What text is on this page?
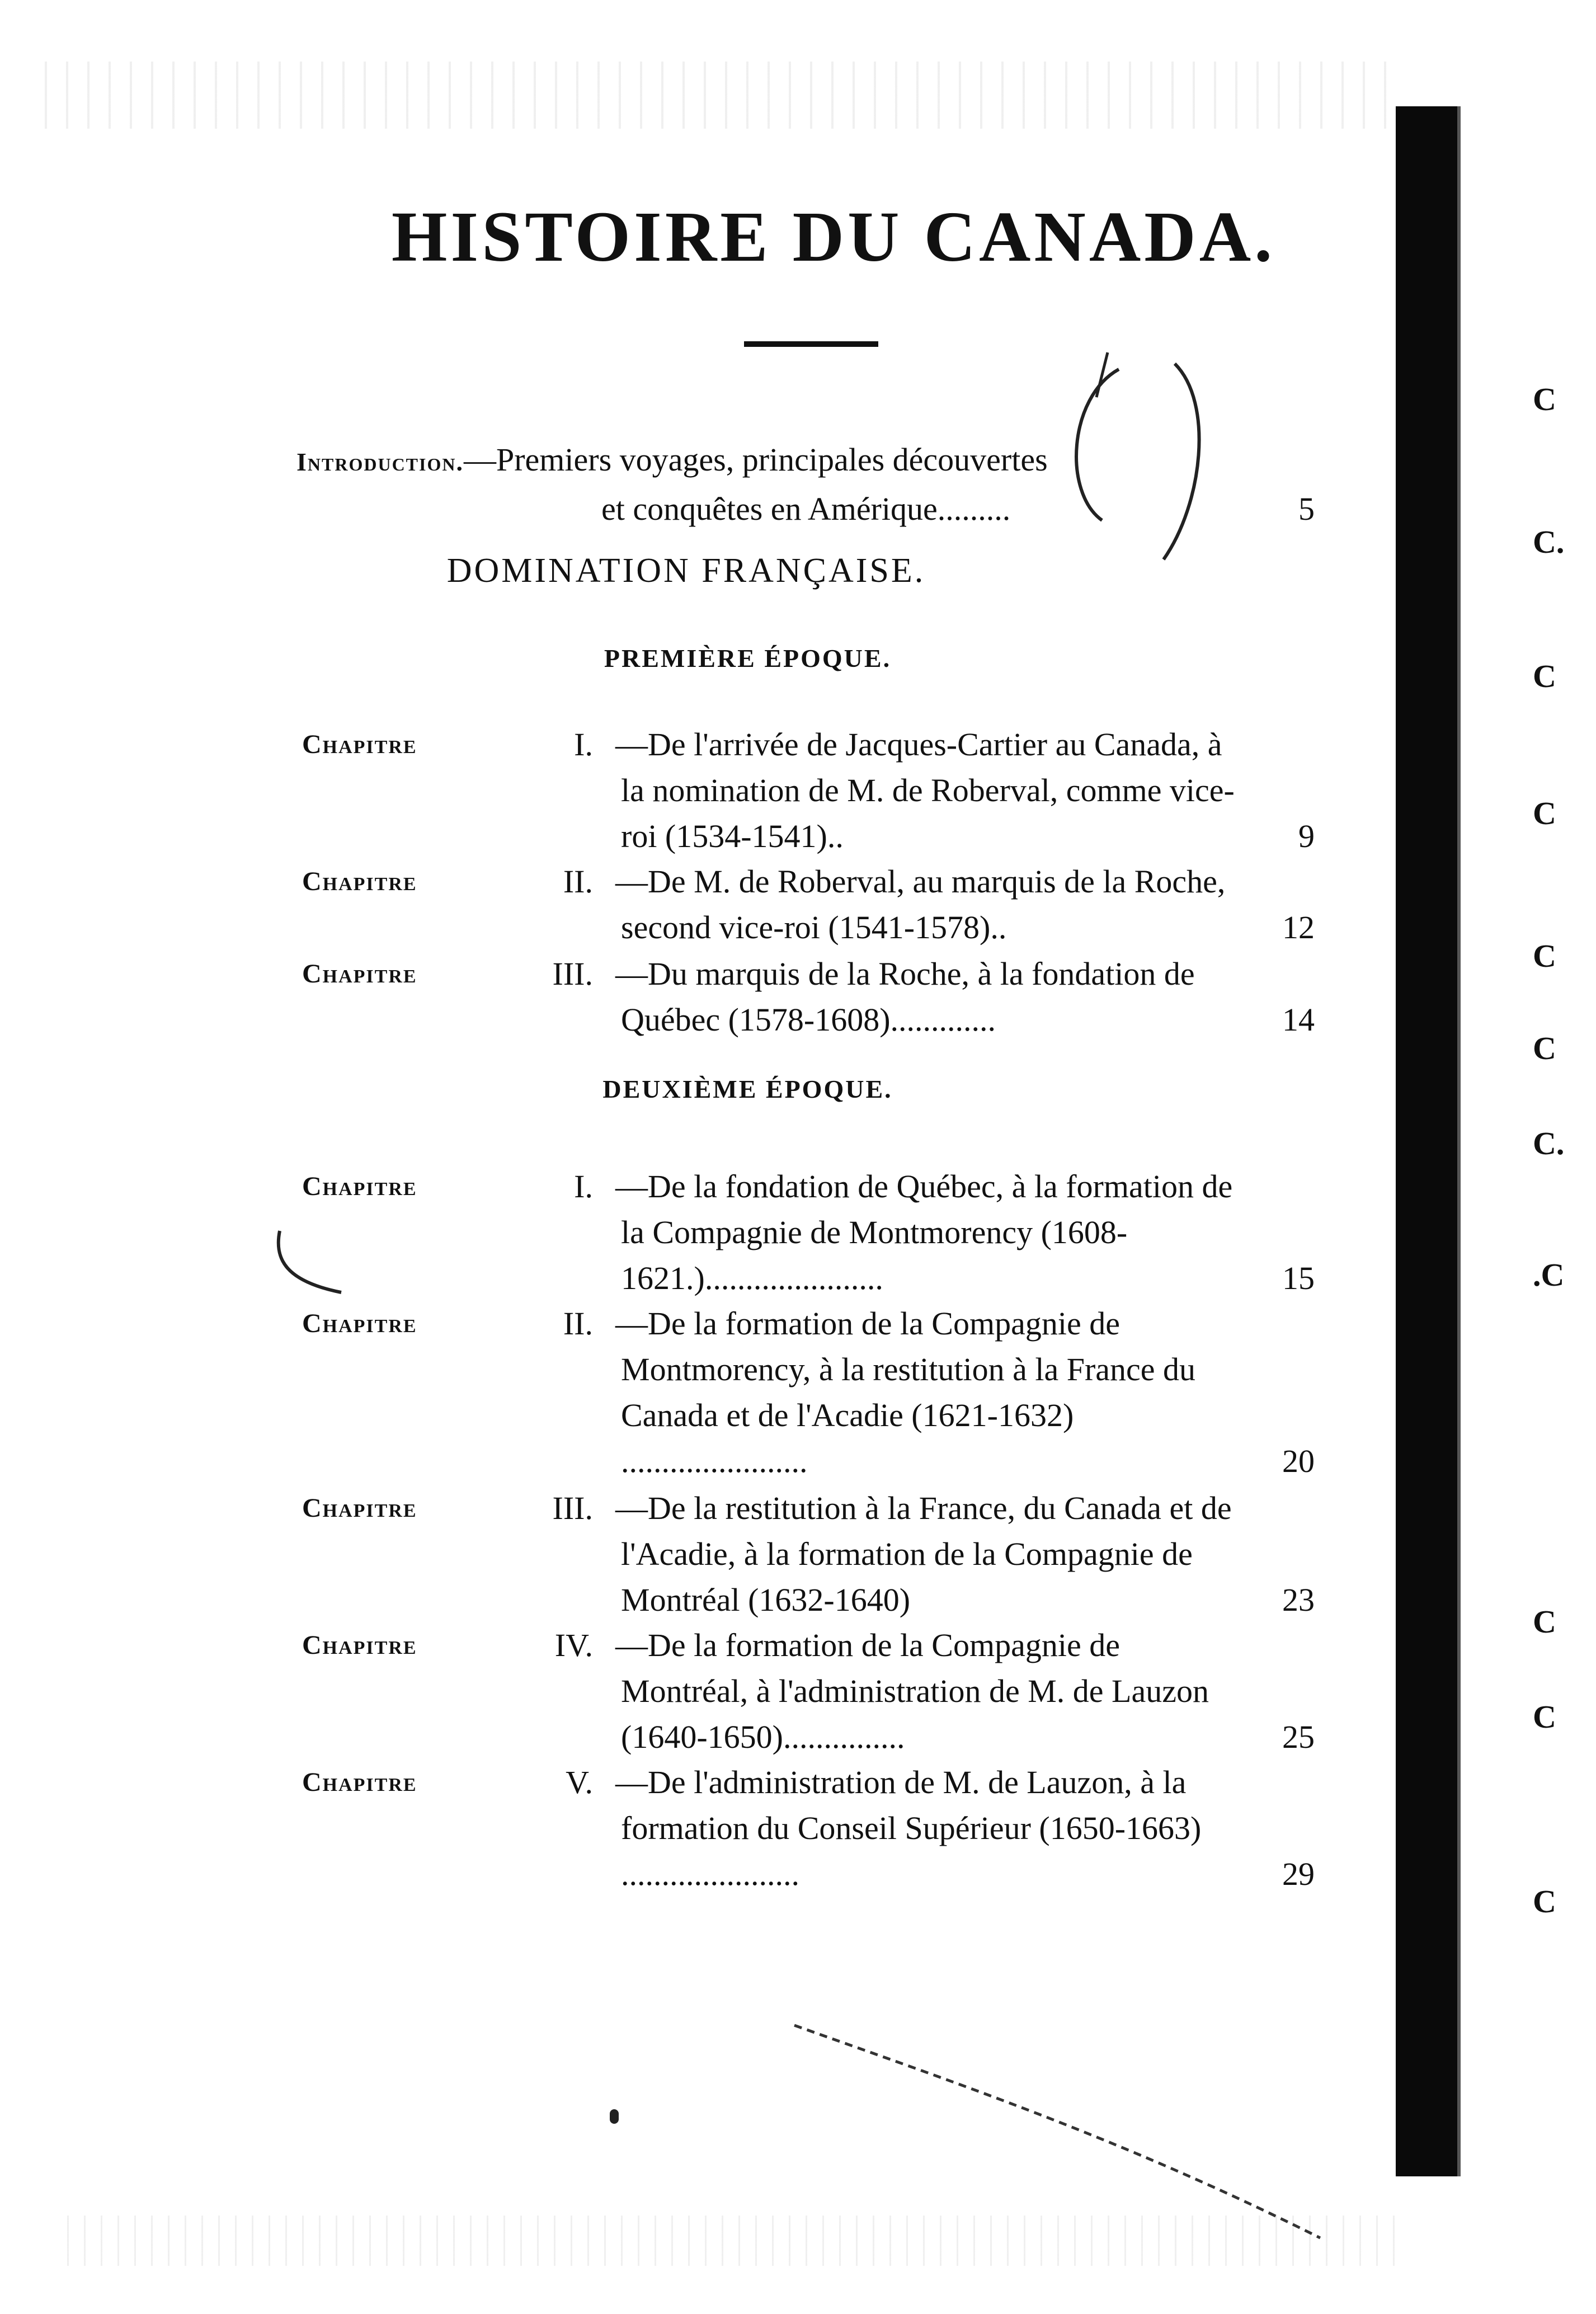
HISTOIRE DU CANADA.
Introduction.—Premiers voyages, principales découvertes
et conquêtes en Amérique.........	5
DOMINATION FRANÇAISE.
PREMIÈRE ÉPOQUE.
Chapitre	I. —De l'arrivée de Jacques-Cartier au Canada, à la nomination de M. de Roberval, comme vice-roi (1534-1541)..	9
Chapitre	II. —De M. de Roberval, au marquis de la Roche, second vice-roi (1541-1578)..	12
Chapitre	III. —Du marquis de la Roche, à la fondation de Québec (1578-1608).............	14
DEUXIÈME ÉPOQUE.
Chapitre	I. —De la fondation de Québec, à la formation de la Compagnie de Montmorency (1608-1621.)......................	15
Chapitre	II. —De la formation de la Compagnie de Montmorency, à la restitution à la France du Canada et de l'Acadie (1621-1632) .......................	20
Chapitre	III. —De la restitution à la France, du Canada et de l'Acadie, à la formation de la Compagnie de Montréal (1632-1640)	23
Chapitre	IV. —De la formation de la Compagnie de Montréal, à l'administration de M. de Lauzon (1640-1650)...............	25
Chapitre	V. —De l'administration de M. de Lauzon, à la formation du Conseil Supérieur (1650-1663) ......................	29
C
C.
C
C
C
C
C.
.C
C
C
C
